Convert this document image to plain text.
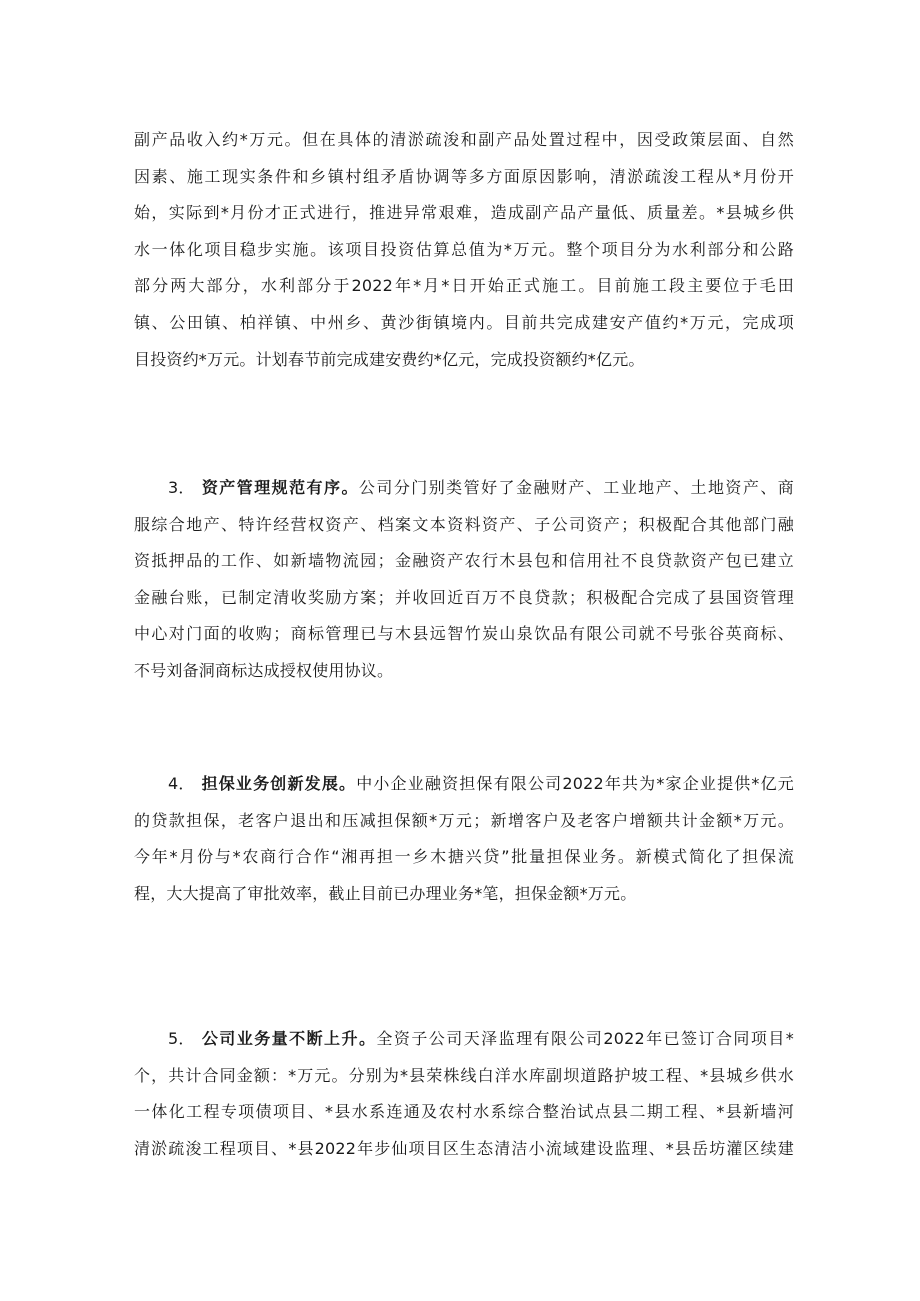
副产品收入约*万元。但在具体的清淤疏浚和副产品处置过程中，因受政策层面、自然
因素、施工现实条件和乡镇村组矛盾协调等多方面原因影响，清淤疏浚工程从*月份开
始，实际到*月份才正式进行，推进异常艰难，造成副产品产量低、质量差。*县城乡供
水一体化项目稳步实施。该项目投资估算总值为*万元。整个项目分为水利部分和公路
部分两大部分，水利部分于2022年*月*日开始正式施工。目前施工段主要位于毛田
镇、公田镇、柏祥镇、中州乡、黄沙街镇境内。目前共完成建安产值约*万元，完成项
目投资约*万元。计划春节前完成建安费约*亿元，完成投资额约*亿元。
3． 资产管理规范有序。公司分门别类管好了金融财产、工业地产、土地资产、商
服综合地产、特许经营权资产、档案文本资料资产、子公司资产；积极配合其他部门融
资抵押品的工作、如新墙物流园；金融资产农行木县包和信用社不良贷款资产包已建立
金融台账，已制定清收奖励方案；并收回近百万不良贷款；积极配合完成了县国资管理
中心对门面的收购；商标管理已与木县远智竹炭山泉饮品有限公司就不号张谷英商标、
不号刘备洞商标达成授权使用协议。
4． 担保业务创新发展。中小企业融资担保有限公司2022年共为*家企业提供*亿元
的贷款担保，老客户退出和压减担保额*万元；新增客户及老客户增额共计金额*万元。
今年*月份与*农商行合作“湘再担一乡木搪兴贷”批量担保业务。新模式简化了担保流
程，大大提高了审批效率，截止目前已办理业务*笔，担保金额*万元。
5． 公司业务量不断上升。全资子公司天泽监理有限公司2022年已签订合同项目*
个，共计合同金额：*万元。分别为*县荣株线白洋水库副坝道路护坡工程、*县城乡供水
一体化工程专项债项目、*县水系连通及农村水系综合整治试点县二期工程、*县新墙河
清淤疏浚工程项目、*县2022年步仙项目区生态清洁小流域建设监理、*县岳坊灌区续建
